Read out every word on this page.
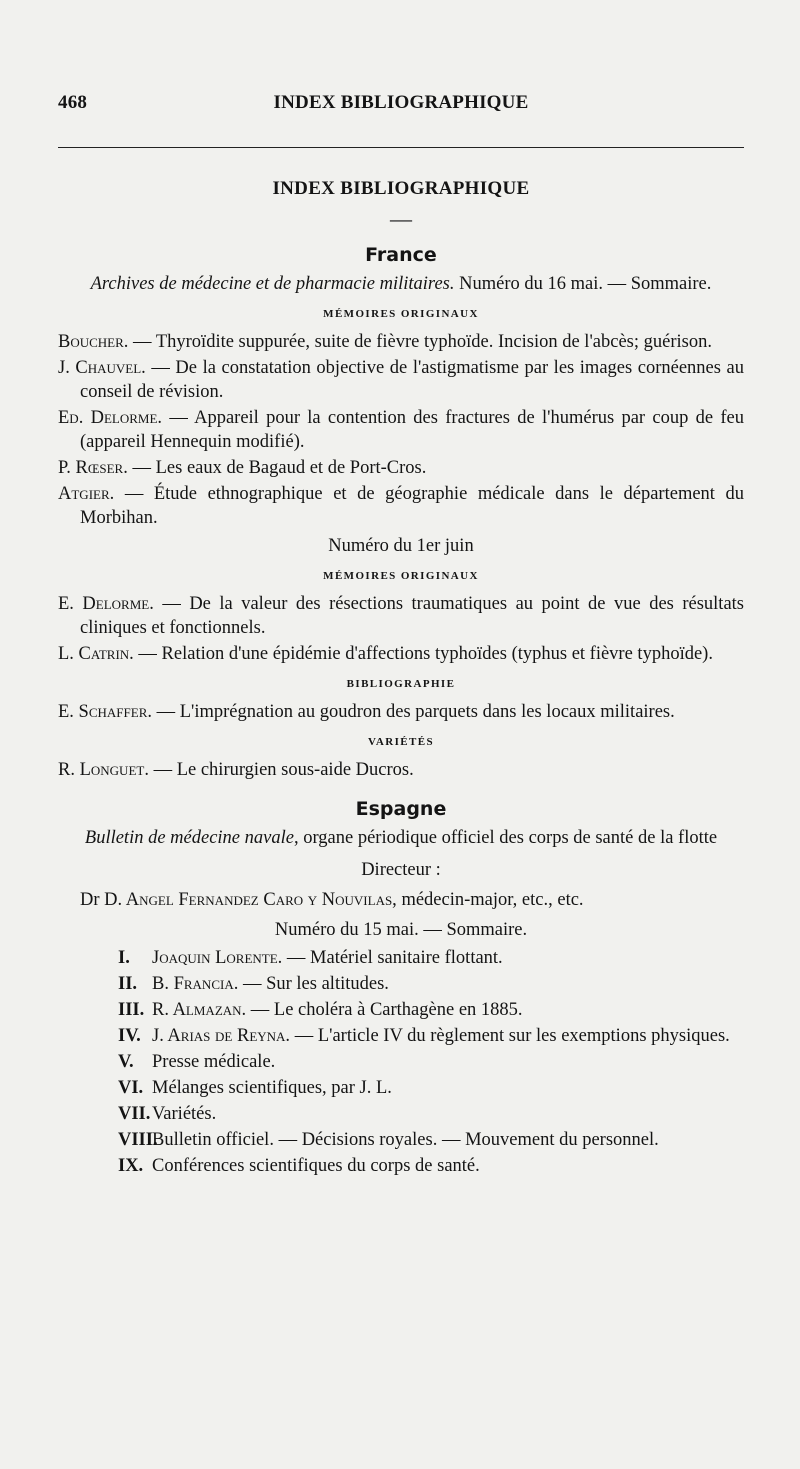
468	INDEX BIBLIOGRAPHIQUE
INDEX BIBLIOGRAPHIQUE
—
France
Archives de médecine et de pharmacie militaires. Numéro du 16 mai. — Sommaire.
MÉMOIRES ORIGINAUX
Boucher. — Thyroïdite suppurée, suite de fièvre typhoïde. Incision de l'abcès; guérison.
J. Chauvel. — De la constatation objective de l'astigmatisme par les images cornéennes au conseil de révision.
Ed. Delorme. — Appareil pour la contention des fractures de l'humérus par coup de feu (appareil Hennequin modifié).
P. Rœser. — Les eaux de Bagaud et de Port-Cros.
Atgier. — Étude ethnographique et de géographie médicale dans le département du Morbihan.
Numéro du 1er juin
MÉMOIRES ORIGINAUX
E. Delorme. — De la valeur des résections traumatiques au point de vue des résultats cliniques et fonctionnels.
L. Catrin. — Relation d'une épidémie d'affections typhoïdes (typhus et fièvre typhoïde).
BIBLIOGRAPHIE
E. Schaffer. — L'imprégnation au goudron des parquets dans les locaux militaires.
VARIÉTÉS
R. Longuet. — Le chirurgien sous-aide Ducros.
Espagne
Bulletin de médecine navale, organe périodique officiel des corps de santé de la flotte
Directeur :
Dr D. Angel Fernandez Caro y Nouvilas, médecin-major, etc., etc.
Numéro du 15 mai. — Sommaire.
I. Joaquin Lorente. — Matériel sanitaire flottant.
II. B. Francia. — Sur les altitudes.
III. R. Almazan. — Le choléra à Carthagène en 1885.
IV. J. Arias de Reyna. — L'article IV du règlement sur les exemptions physiques.
V. Presse médicale.
VI. Mélanges scientifiques, par J. L.
VII. Variétés.
VIII.
Bulletin officiel. — Décisions royales. — Mouvement du personnel.
IX. Conférences scientifiques du corps de santé.
